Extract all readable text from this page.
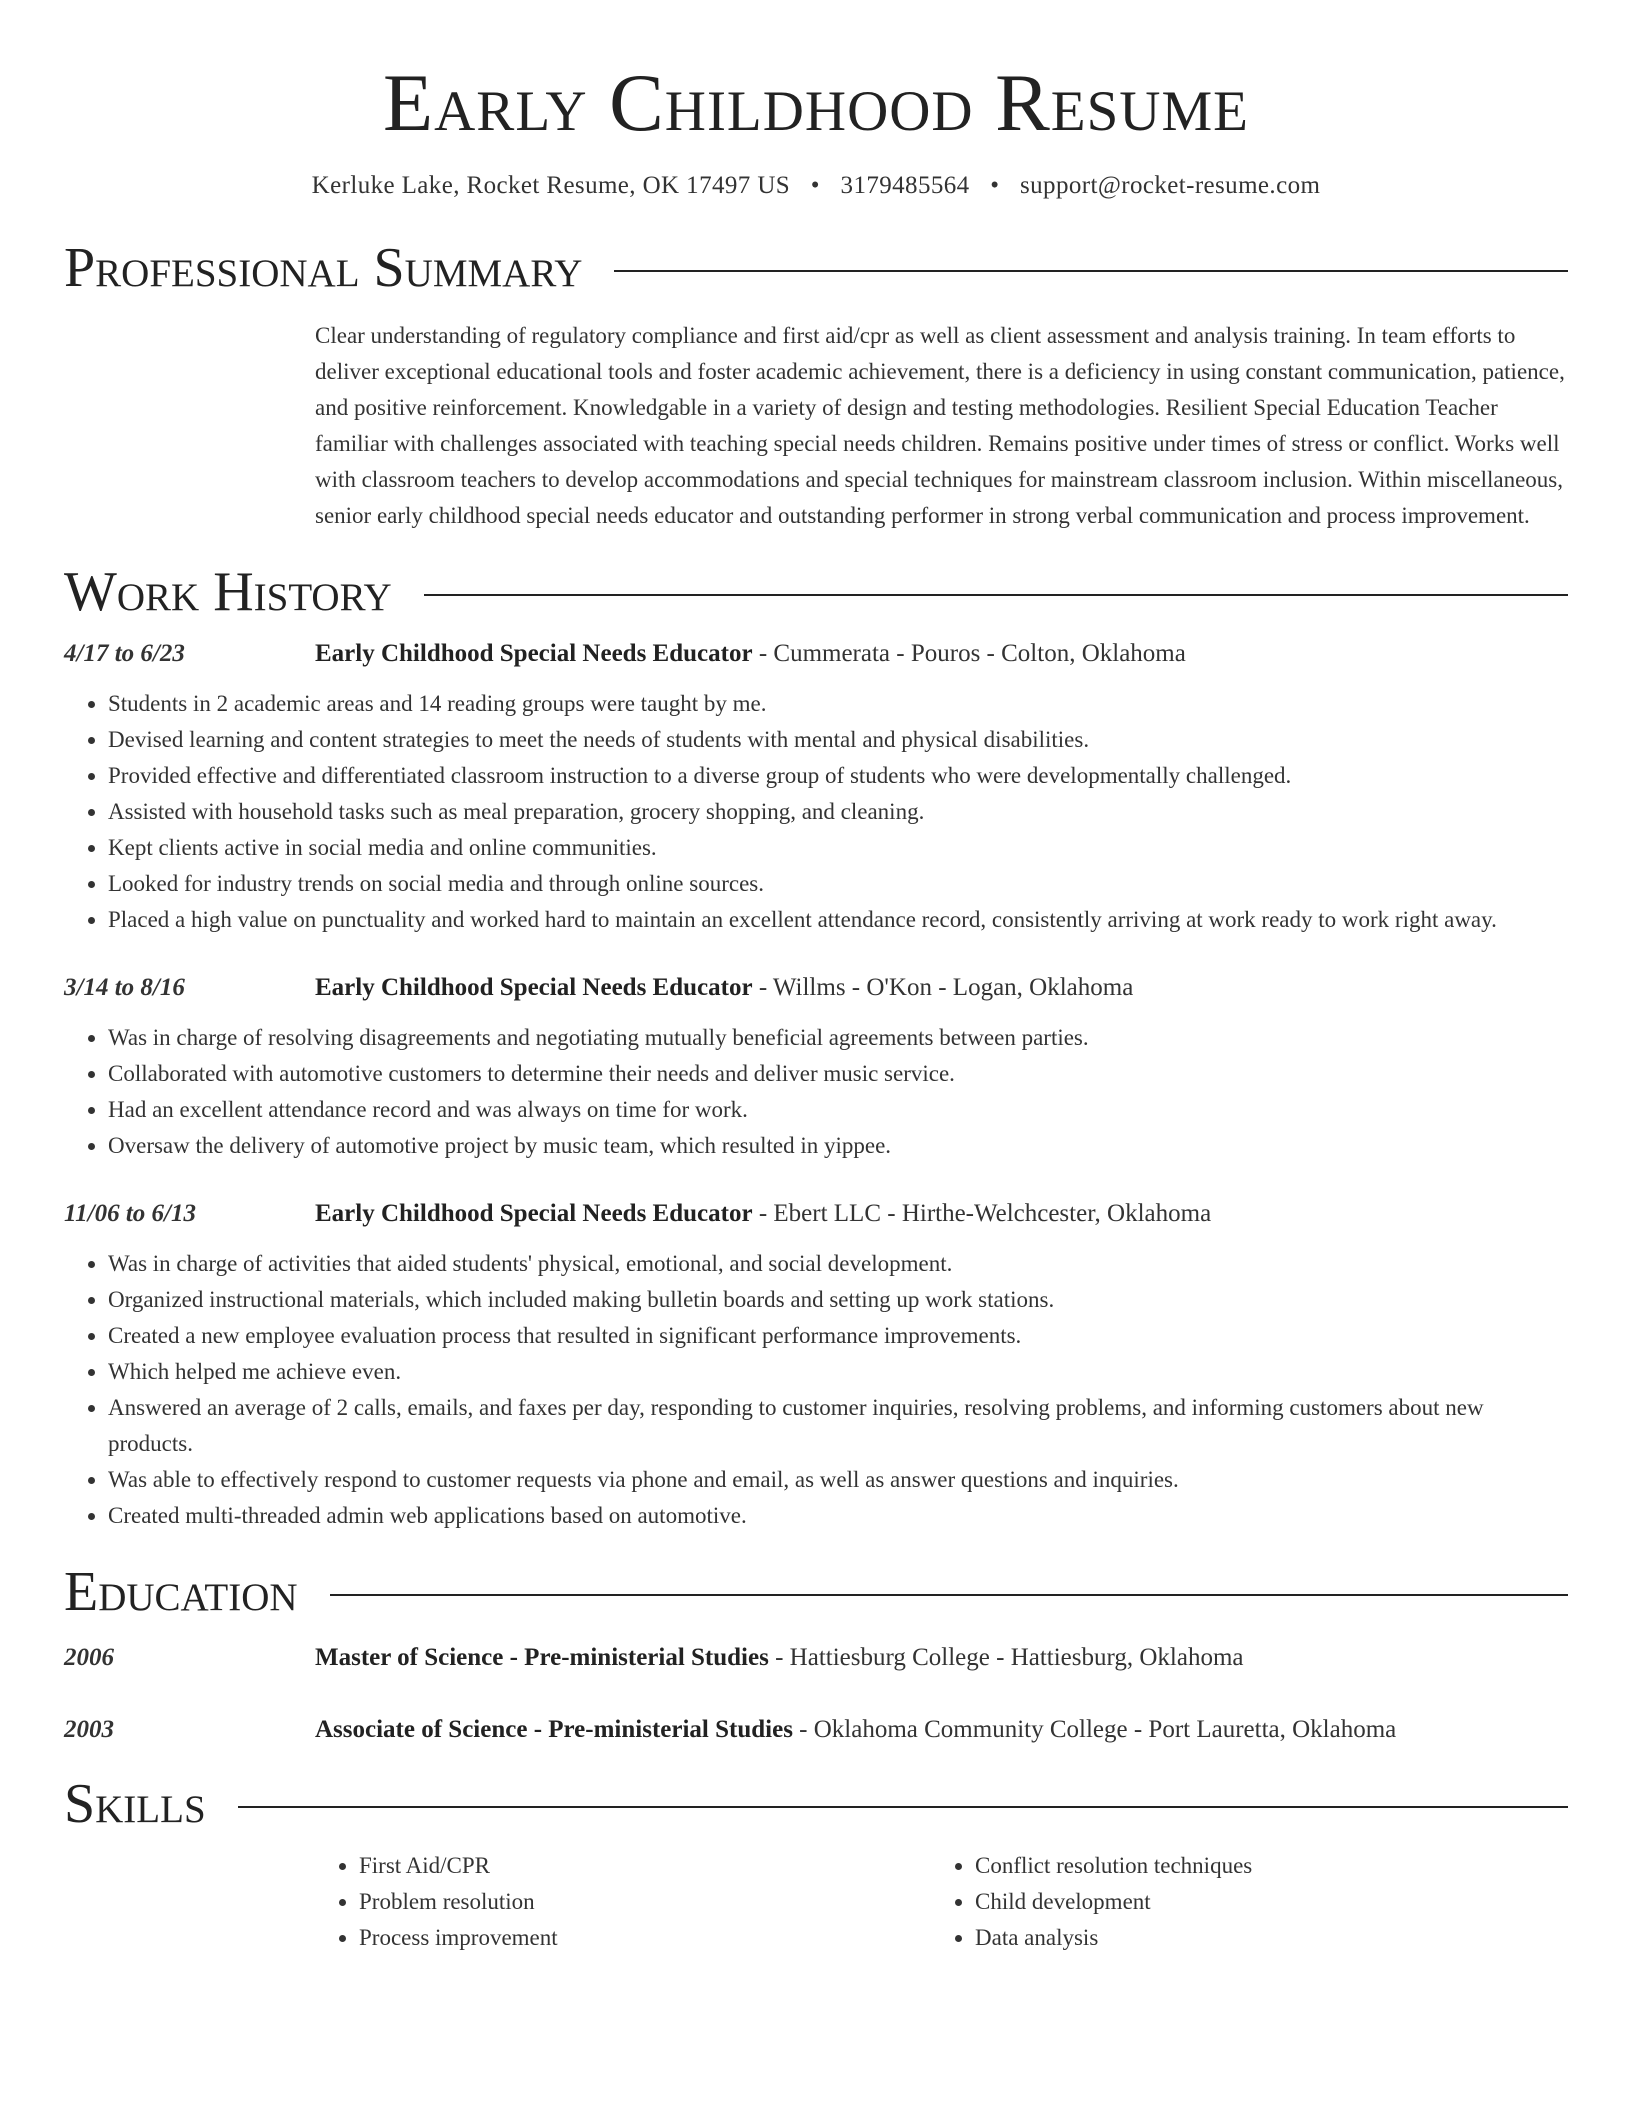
Early Childhood Resume
Kerluke Lake, Rocket Resume, OK 17497 US • 3179485564 • support@rocket-resume.com
Professional Summary
Clear understanding of regulatory compliance and first aid/cpr as well as client assessment and analysis training. In team efforts to deliver exceptional educational tools and foster academic achievement, there is a deficiency in using constant communication, patience, and positive reinforcement. Knowledgable in a variety of design and testing methodologies. Resilient Special Education Teacher familiar with challenges associated with teaching special needs children. Remains positive under times of stress or conflict. Works well with classroom teachers to develop accommodations and special techniques for mainstream classroom inclusion. Within miscellaneous, senior early childhood special needs educator and outstanding performer in strong verbal communication and process improvement.
Work History
4/17 to 6/23	Early Childhood Special Needs Educator - Cummerata - Pouros - Colton, Oklahoma
• Students in 2 academic areas and 14 reading groups were taught by me.
• Devised learning and content strategies to meet the needs of students with mental and physical disabilities.
• Provided effective and differentiated classroom instruction to a diverse group of students who were developmentally challenged.
• Assisted with household tasks such as meal preparation, grocery shopping, and cleaning.
• Kept clients active in social media and online communities.
• Looked for industry trends on social media and through online sources.
• Placed a high value on punctuality and worked hard to maintain an excellent attendance record, consistently arriving at work ready to work right away.
3/14 to 8/16	Early Childhood Special Needs Educator - Willms - O'Kon - Logan, Oklahoma
• Was in charge of resolving disagreements and negotiating mutually beneficial agreements between parties.
• Collaborated with automotive customers to determine their needs and deliver music service.
• Had an excellent attendance record and was always on time for work.
• Oversaw the delivery of automotive project by music team, which resulted in yippee.
11/06 to 6/13	Early Childhood Special Needs Educator - Ebert LLC - Hirthe-Welchcester, Oklahoma
• Was in charge of activities that aided students' physical, emotional, and social development.
• Organized instructional materials, which included making bulletin boards and setting up work stations.
• Created a new employee evaluation process that resulted in significant performance improvements.
• Which helped me achieve even.
• Answered an average of 2 calls, emails, and faxes per day, responding to customer inquiries, resolving problems, and informing customers about new products.
• Was able to effectively respond to customer requests via phone and email, as well as answer questions and inquiries.
• Created multi-threaded admin web applications based on automotive.
Education
2006	Master of Science - Pre-ministerial Studies - Hattiesburg College - Hattiesburg, Oklahoma
2003	Associate of Science - Pre-ministerial Studies - Oklahoma Community College - Port Lauretta, Oklahoma
Skills
• First Aid/CPR
• Problem resolution
• Process improvement
• Conflict resolution techniques
• Child development
• Data analysis
